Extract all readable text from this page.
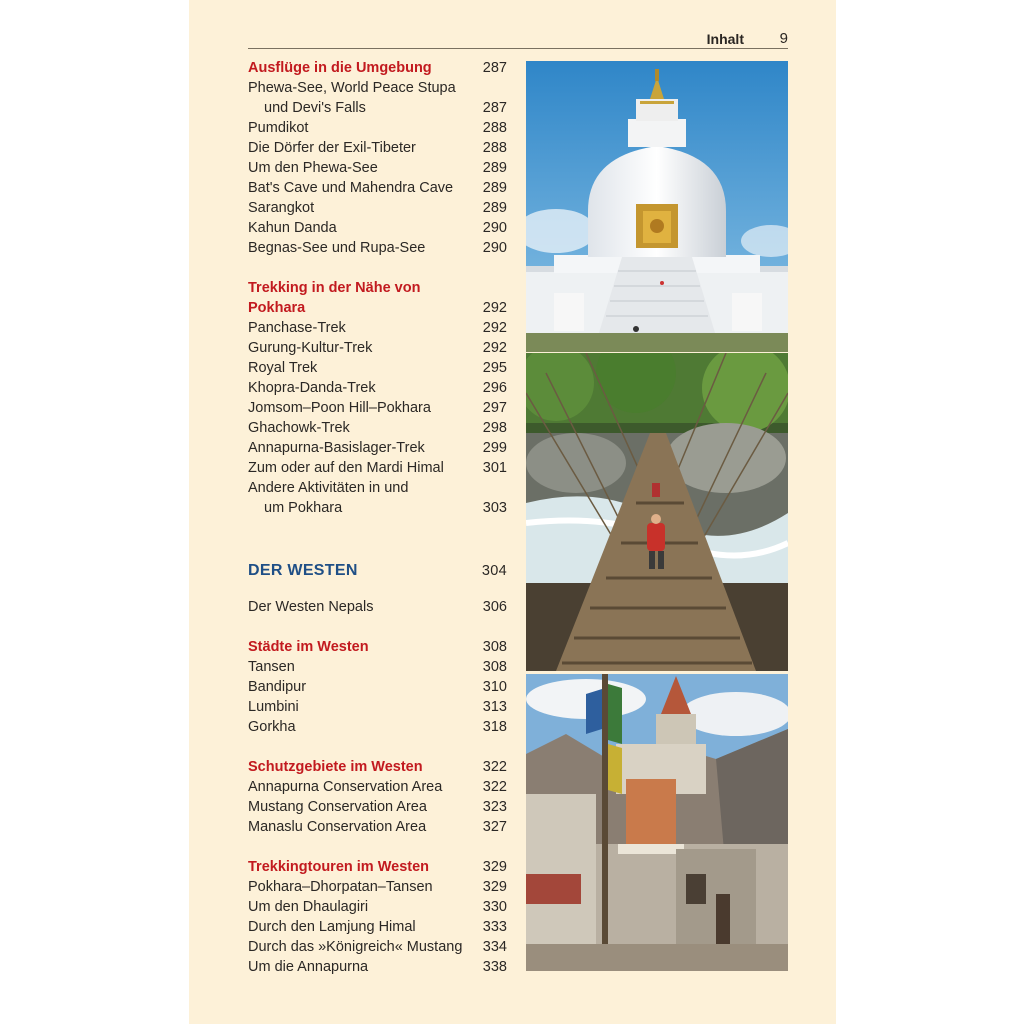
Inhalt 9
Ausflüge in die Umgebung	287
Phewa-See, World Peace Stupa
und Devi's Falls	287
Pumdikot	288
Die Dörfer der Exil-Tibeter	288
Um den Phewa-See	289
Bat's Cave und Mahendra Cave 289
Sarangkot	289
Kahun Danda	290
Begnas-See und Rupa-See	290
Trekking in der Nähe von
Pokhara	292
Panchase-Trek	292
Gurung-Kultur-Trek	292
Royal Trek	295
Khopra-Danda-Trek	296
Jomsom–Poon Hill–Pokhara	297
Ghachowk-Trek	298
Annapurna-Basislager-Trek	299
Zum oder auf den Mardi Himal	301
Andere Aktivitäten in und
um Pokhara	303
DER WESTEN	304
Der Westen Nepals	306
Städte im Westen	308
Tansen	308
Bandipur	310
Lumbini	313
Gorkha	318
Schutzgebiete im Westen	322
Annapurna Conservation Area	322
Mustang Conservation Area	323
Manaslu Conservation Area	327
Trekkingtouren im Westen	329
Pokhara–Dhorpatan–Tansen	329
Um den Dhaulagiri	330
Durch den Lamjung Himal	333
Durch das »Königreich« Mustang 334
Um die Annapurna	338
